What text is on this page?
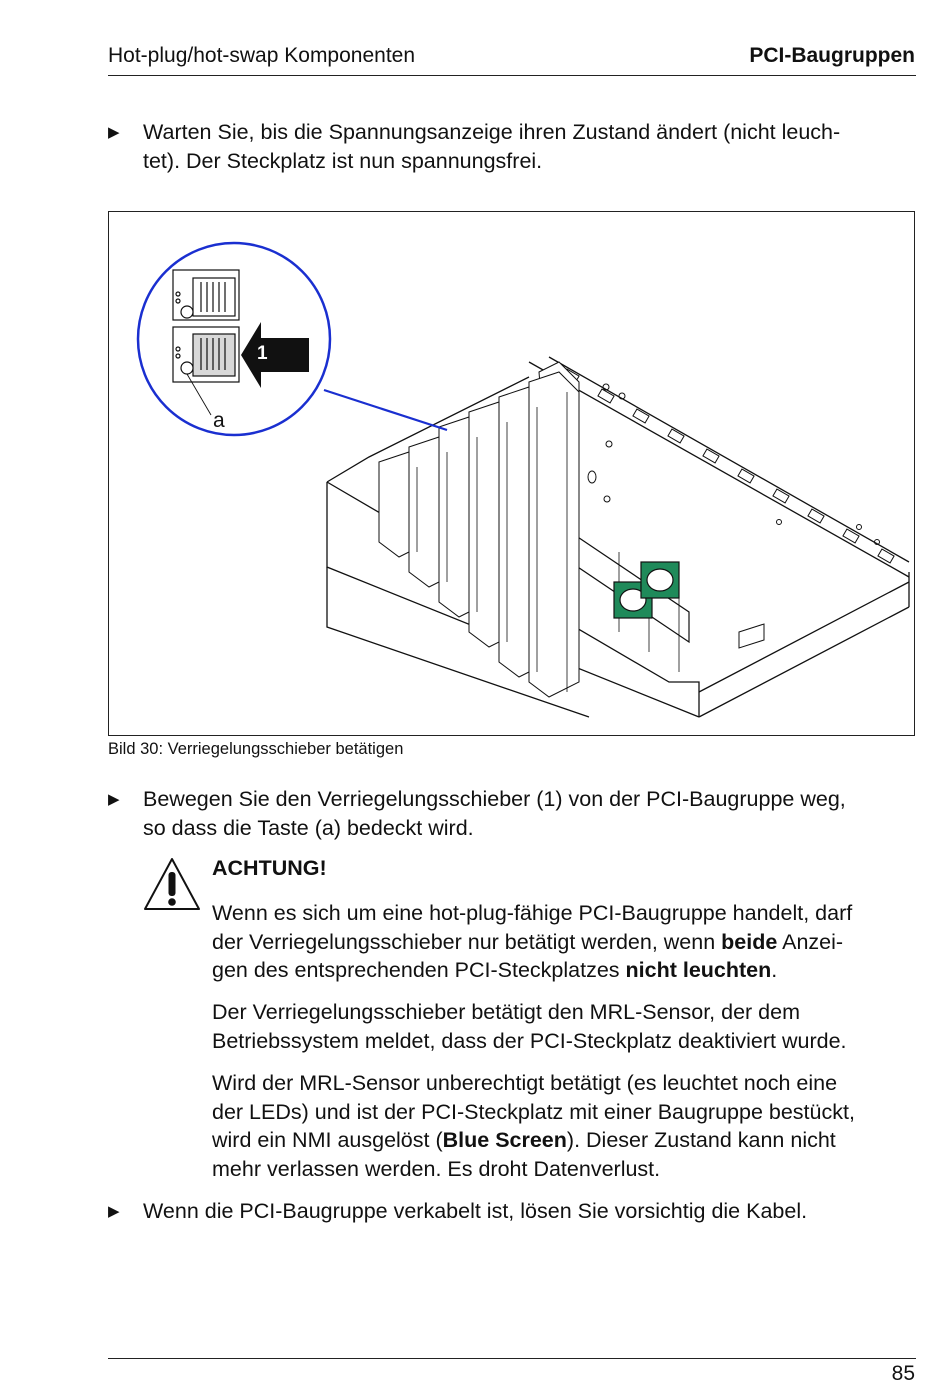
Hot-plug/hot-swap Komponenten	PCI-Baugruppen
▶ Warten Sie, bis die Spannungsanzeige ihren Zustand ändert (nicht leuch-
tet). Der Steckplatz ist nun spannungsfrei.
1
a
Bild 30: Verriegelungsschieber betätigen
▶ Bewegen Sie den Verriegelungsschieber (1) von der PCI-Baugruppe weg,
so dass die Taste (a) bedeckt wird.
ACHTUNG!
Wenn es sich um eine hot-plug-fähige PCI-Baugruppe handelt, darf
der Verriegelungsschieber nur betätigt werden, wenn beide Anzei-
gen des entsprechenden PCI-Steckplatzes nicht leuchten.
Der Verriegelungsschieber betätigt den MRL-Sensor, der dem
Betriebssystem meldet, dass der PCI-Steckplatz deaktiviert wurde.
Wird der MRL-Sensor unberechtigt betätigt (es leuchtet noch eine
der LEDs) und ist der PCI-Steckplatz mit einer Baugruppe bestückt,
wird ein NMI ausgelöst (Blue Screen). Dieser Zustand kann nicht
mehr verlassen werden. Es droht Datenverlust.
▶ Wenn die PCI-Baugruppe verkabelt ist, lösen Sie vorsichtig die Kabel.
85
